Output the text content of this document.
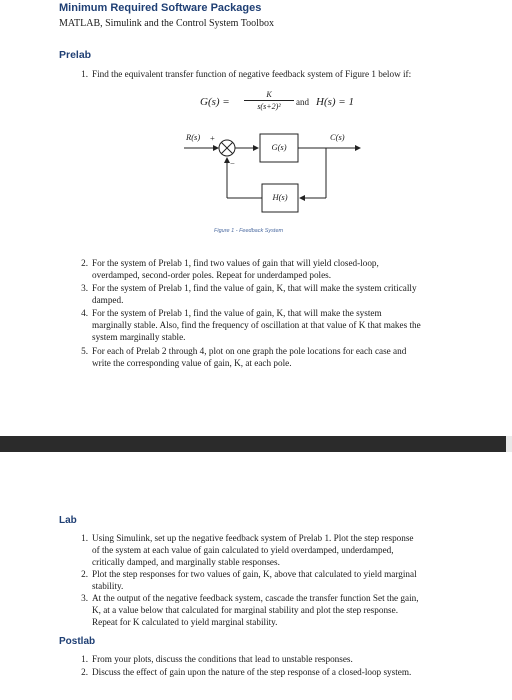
Minimum Required Software Packages
MATLAB, Simulink and the Control System Toolbox
Prelab
1. Find the equivalent transfer function of negative feedback system of Figure 1 below if:
G(s) =
K
s(s+2)²	and H(s) = 1
R(s) +
−
G(s)
H(s)
C(s)
Figure 1 - Feedback System
2. For the system of Prelab 1, find two values of gain that will yield closed-loop,
overdamped, second-order poles. Repeat for underdamped poles.
3. For the system of Prelab 1, find the value of gain, K, that will make the system critically
damped.
4. For the system of Prelab 1, find the value of gain, K, that will make the system
marginally stable. Also, find the frequency of oscillation at that value of K that makes the
system marginally stable.
5. For each of Prelab 2 through 4, plot on one graph the pole locations for each case and
write the corresponding value of gain, K, at each pole.
Lab
1. Using Simulink, set up the negative feedback system of Prelab 1. Plot the step response
of the system at each value of gain calculated to yield overdamped, underdamped,
critically damped, and marginally stable responses.
2. Plot the step responses for two values of gain, K, above that calculated to yield marginal
stability.
3. At the output of the negative feedback system, cascade the transfer function Set the gain,
K, at a value below that calculated for marginal stability and plot the step response.
Repeat for K calculated to yield marginal stability.
Postlab
1. From your plots, discuss the conditions that lead to unstable responses.
2. Discuss the effect of gain upon the nature of the step response of a closed-loop system.
